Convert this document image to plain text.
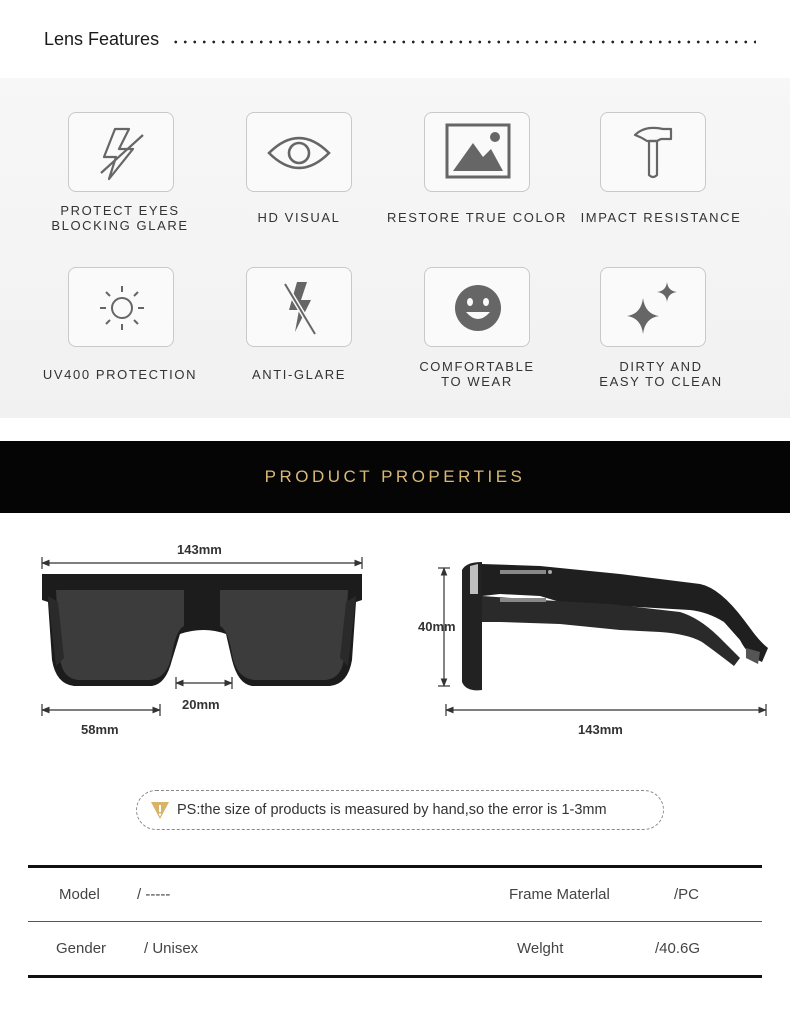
Lens Features
PROTECT EYES
BLOCKING GLARE
HD VISUAL	RESTORE TRUE COLOR	IMPACT RESISTANCE
UV400 PROTECTION	ANTI-GLARE
COMFORTABLE
TO WEAR
DIRTY AND
EASY TO CLEAN
PRODUCT PROPERTIES
143mm
20mm
58mm
40mm
143mm
PS:the size of products is measured by hand,so the error is 1-3mm
Model / -----	Frame Materlal	/PC
Gender	/ Unisex	Welght	/40.6G
